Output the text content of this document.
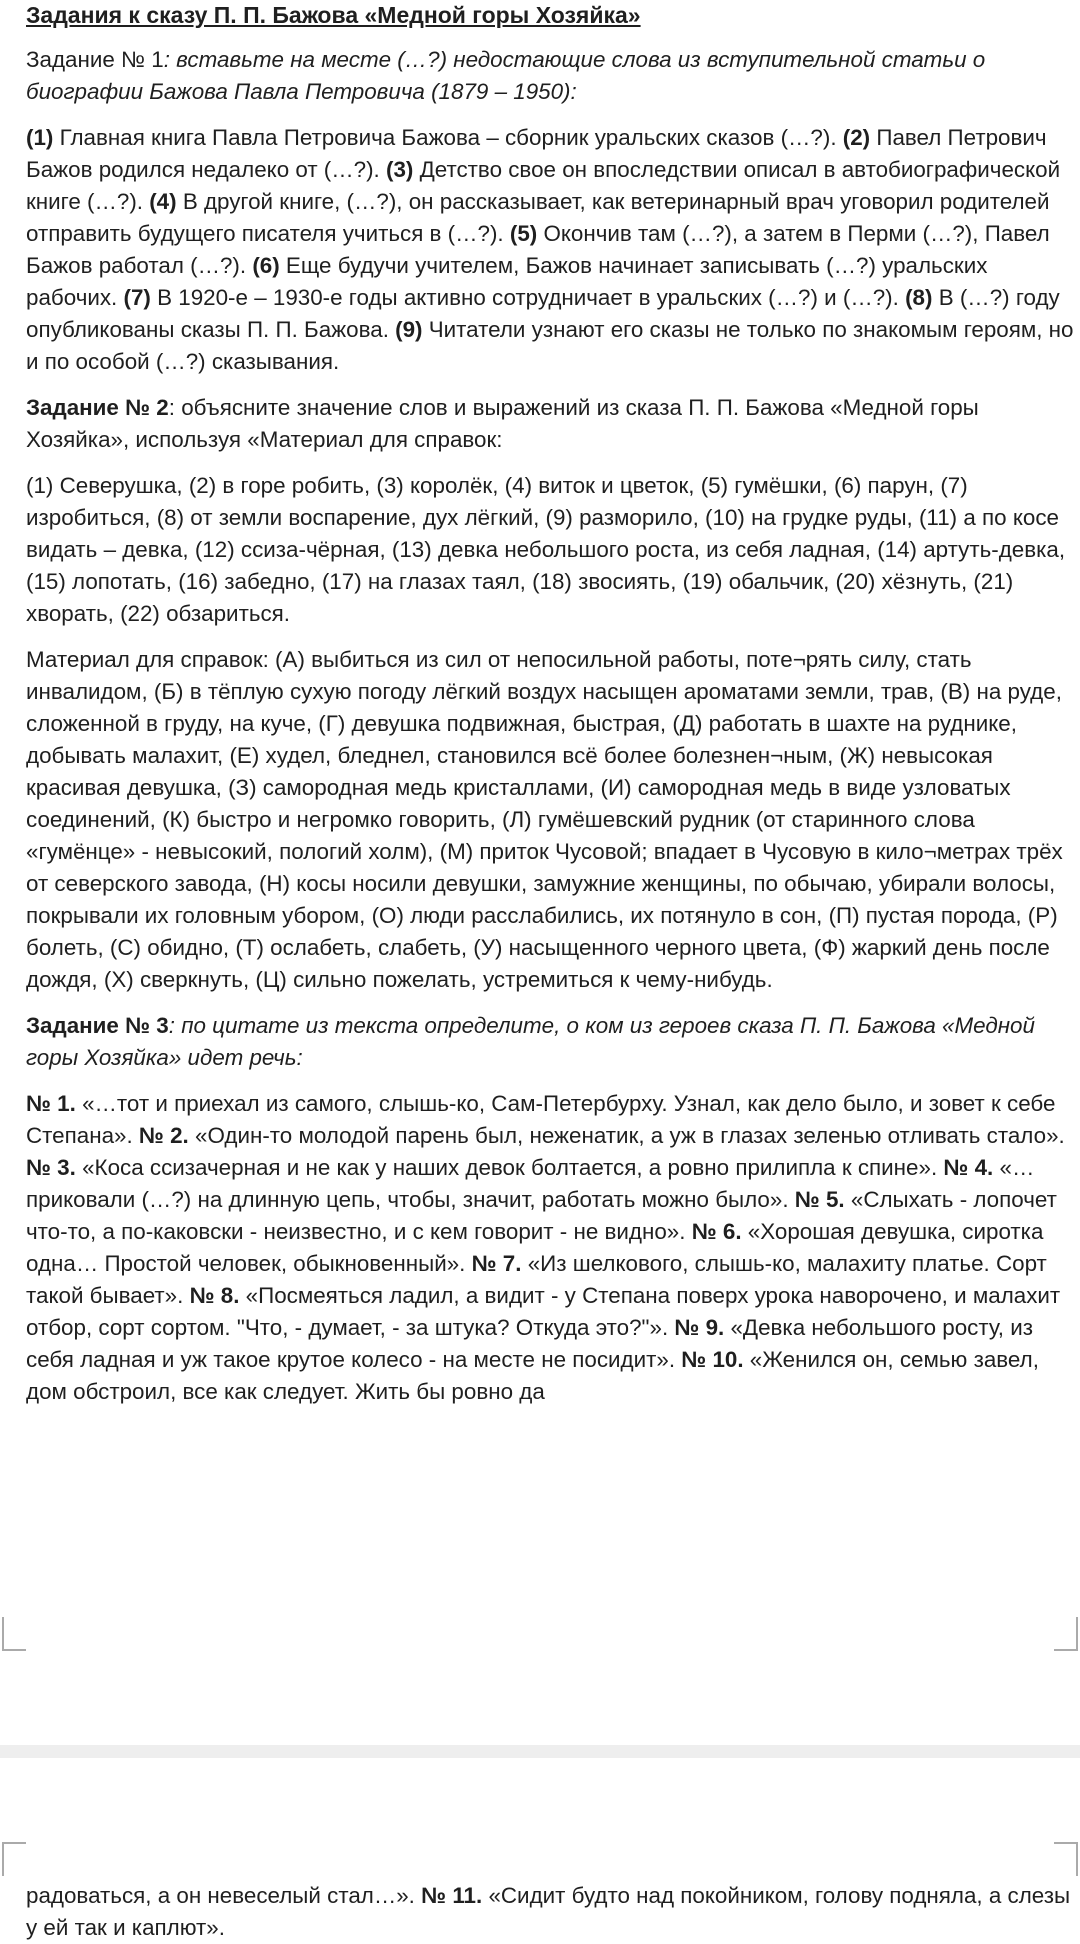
Задания к сказу П. П. Бажова «Медной горы Хозяйка»

Задание № 1: вставьте на месте (…?) недостающие слова из вступительной статьи о биографии Бажова Павла Петровича (1879 – 1950):

(1) Главная книга Павла Петровича Бажова – сборник уральских сказов (…?). (2) Павел Петрович Бажов родился недалеко от (…?). (3) Детство свое он впоследствии описал в автобиографической книге (…?). (4) В другой книге, (…?), он рассказывает, как ветеринарный врач уговорил родителей отправить будущего писателя учиться в (…?). (5) Окончив там (…?), а затем в Перми (…?), Павел Бажов работал (…?). (6) Еще будучи учителем, Бажов начинает записывать (…?) уральских рабочих. (7) В 1920-е – 1930-е годы активно сотрудничает в уральских (…?) и (…?). (8) В (…?) году опубликованы сказы П. П. Бажова. (9) Читатели узнают его сказы не только по знакомым героям, но и по особой (…?) сказывания.

Задание № 2: объясните значение слов и выражений из сказа П. П. Бажова «Медной горы Хозяйка», используя «Материал для справок:

(1) Северушка, (2) в горе робить, (3) королёк, (4) виток и цветок, (5) гумёшки, (6) парун, (7) изробиться, (8) от земли воспарение, дух лёгкий, (9) разморило, (10) на грудке руды, (11) а по косе видать – девка, (12) ссиза-чёрная, (13) девка небольшого роста, из себя ладная, (14) артуть-девка, (15) лопотать, (16) забедно, (17) на глазах таял, (18) звосиять, (19) обальчик, (20) хёзнуть, (21) хворать, (22) обзариться.

Материал для справок: (А) выбиться из сил от непосильной работы, поте¬рять силу, стать инвалидом, (Б) в тёплую сухую погоду лёгкий воздух насыщен ароматами земли, трав, (В) на руде, сложенной в груду, на куче, (Г) девушка подвижная, быстрая, (Д) работать в шахте на руднике, добывать малахит, (Е) худел, бледнел, становился всё более болезнен¬ным, (Ж) невысокая красивая девушка, (З) самородная медь кристаллами, (И) самородная медь в виде узловатых соединений, (К) быстро и негромко говорить, (Л) гумёшевский рудник (от старинного слова «гумёнце» - невысокий, пологий холм), (М) приток Чусовой; впадает в Чусовую в кило¬метрах трёх от северского завода, (Н) косы носили девушки, замужние женщины, по обычаю, убирали волосы, покрывали их головным убором, (О) люди расслабились, их потянуло в сон, (П) пустая порода, (Р) болеть, (С) обидно, (Т) ослабеть, слабеть, (У) насыщенного черного цвета, (Ф) жаркий день после дождя, (Х) сверкнуть, (Ц) сильно пожелать, устремиться к чему-нибудь.

Задание № 3: по цитате из текста определите, о ком из героев сказа П. П. Бажова «Медной горы Хозяйка» идет речь:

№ 1. «…тот и приехал из самого, слышь-ко, Сам-Петербурху. Узнал, как дело было, и зовет к себе Степана». № 2. «Один-то молодой парень был, неженатик, а уж в глазах зеленью отливать стало». № 3. «Коса ссизачерная и не как у наших девок болтается, а ровно прилипла к спине». № 4. «…приковали (…?) на длинную цепь, чтобы, значит, работать можно было». № 5. «Слыхать - лопочет что-то, а по-каковски - неизвестно, и с кем говорит - не видно». № 6. «Хорошая девушка, сиротка одна… Простой человек, обыкновенный». № 7. «Из шелкового, слышь-ко, малахиту платье. Сорт такой бывает». № 8. «Посмеяться ладил, а видит - у Степана поверх урока наворочено, и малахит отбор, сорт сортом. "Что, - думает, - за штука? Откуда это?"». № 9. «Девка небольшого росту, из себя ладная и уж такое крутое колесо - на месте не посидит». № 10. «Женился он, семью завел, дом обстроил, все как следует. Жить бы ровно да

радоваться, а он невеселый стал…». № 11. «Сидит будто над покойником, голову подняла, а слезы у ей так и каплют».
